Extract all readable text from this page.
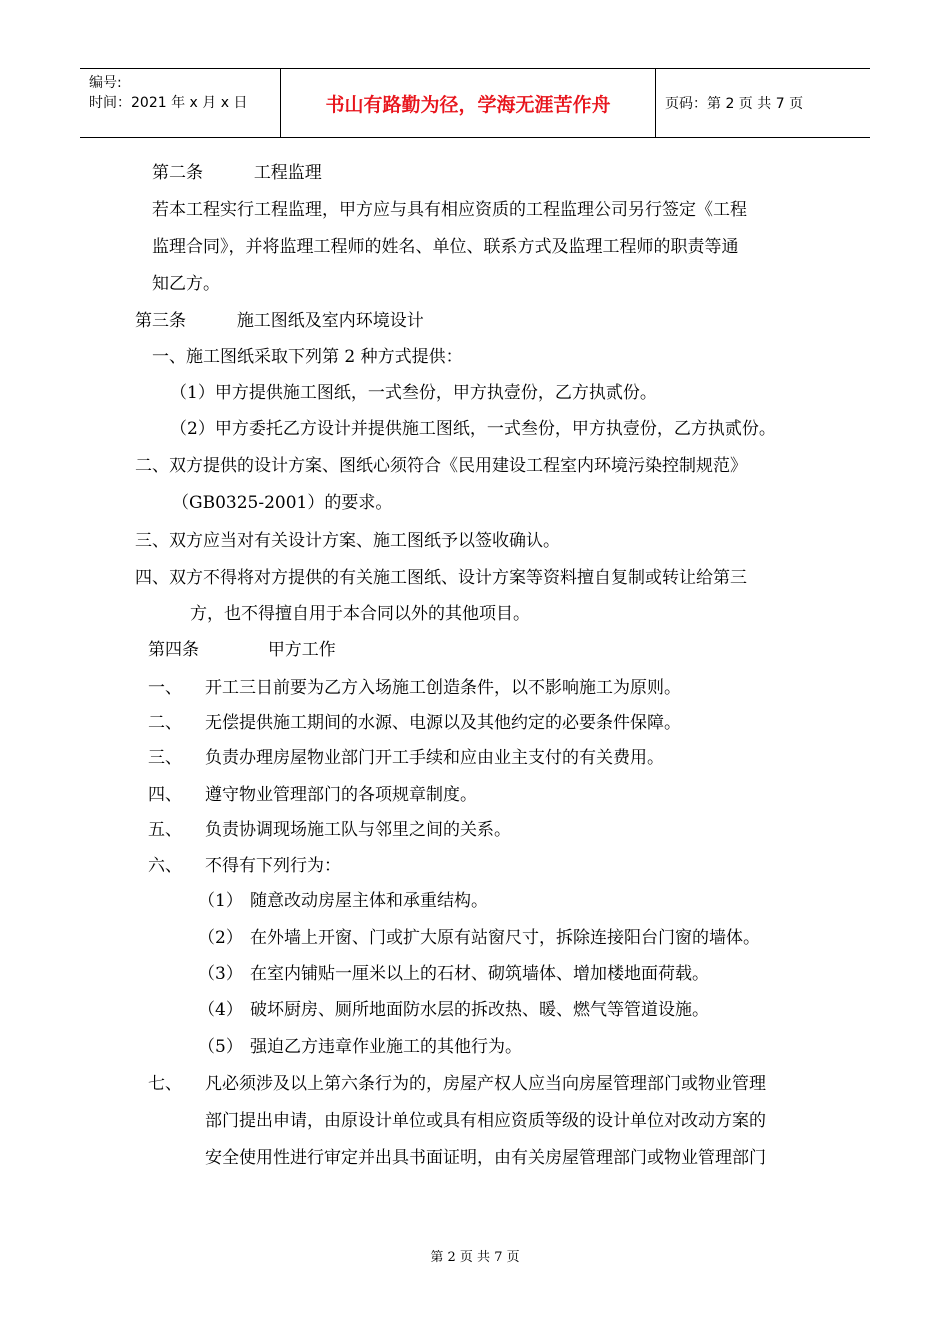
编号:
时间：2021 年 x 月 x 日	书山有路勤为径，学海无涯苦作舟	页码：第 2 页 共 7 页
第二条	工程监理
若本工程实行工程监理，甲方应与具有相应资质的工程监理公司另行签定《工程
监理合同》，并将监理工程师的姓名、单位、联系方式及监理工程师的职责等通
知乙方。
第三条	施工图纸及室内环境设计
一、施工图纸采取下列第 2 种方式提供：
（1）甲方提供施工图纸，一式叁份，甲方执壹份，乙方执贰份。
（2）甲方委托乙方设计并提供施工图纸，一式叁份，甲方执壹份，乙方执贰份。
二、双方提供的设计方案、图纸心须符合《民用建设工程室内环境污染控制规范》
（GB0325-2001）的要求。
三、双方应当对有关设计方案、施工图纸予以签收确认。
四、双方不得将对方提供的有关施工图纸、设计方案等资料擅自复制或转让给第三
方，也不得擅自用于本合同以外的其他项目。
第四条	甲方工作
一、 开工三日前要为乙方入场施工创造条件，以不影响施工为原则。
二、 无偿提供施工期间的水源、电源以及其他约定的必要条件保障。
三、 负责办理房屋物业部门开工手续和应由业主支付的有关费用。
四、 遵守物业管理部门的各项规章制度。
五、 负责协调现场施工队与邻里之间的关系。
六、 不得有下列行为：
（1） 随意改动房屋主体和承重结构。
（2） 在外墙上开窗、门或扩大原有站窗尺寸，拆除连接阳台门窗的墙体。
（3） 在室内铺贴一厘米以上的石材、砌筑墙体、增加楼地面荷载。
（4） 破坏厨房、厕所地面防水层的拆改热、暖、燃气等管道设施。
（5） 强迫乙方违章作业施工的其他行为。
七、 凡必须涉及以上第六条行为的，房屋产权人应当向房屋管理部门或物业管理
部门提出申请，由原设计单位或具有相应资质等级的设计单位对改动方案的
安全使用性进行审定并出具书面证明，由有关房屋管理部门或物业管理部门
第 2 页 共 7 页
